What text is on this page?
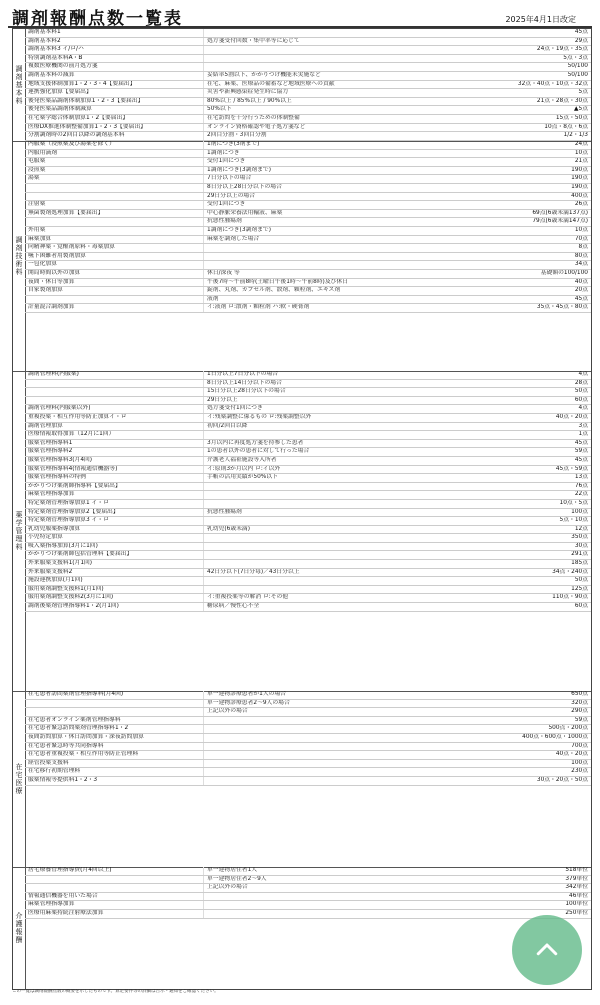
調剤報酬点数一覧表	2025年4月1日改定
調剤基本料
調剤基本料1	45点
調剤基本料2	処方箋受付回数・集中率等に応じて	29点
調剤基本料3 イ/ロ/ハ	24点・19点・35点
特別調剤基本料A・B	5点・3点
複数医療機関の前月処方箋	50/100
調剤基本料の減算	妥結率5割以下、かかりつけ機能未実施など	50/100
地域支援体制加算1・2・3・4【要届出】	在宅、麻薬、医療品の備蓄など地域医療への貢献	32点・40点・10点・32点
連携強化加算【要届出】	災害や新興感染症発生時に協力	5点
後発医薬品調剤体制加算1・2・3【要届出】	80%以上 / 85%以上 / 90%以上	21点・28点・30点
後発医薬品調剤体制減算	50%以下	▲5点
在宅薬学総合体制加算1・2【要届出】	在宅訪問を十分行うための体制整備	15点・50点
医療DX推進体制整備加算1・2・3【要届出】	オンライン資格確認や電子処方箋など	10点・8点・6点
分割調剤時の2回目以降の調剤基本料	2回目分割・3回目分割	1/2・1/3
調剤技術料
内服薬（浸煎薬及び湯薬を除く）	1剤につき(3剤まで)	24点
内服用滴剤	1調剤につき	10点
屯服薬	受付1回につき	21点
浸煎薬	1調剤につき(3調剤まで)	190点
湯薬	7日分以下の場合	190点
8日分以上28日分以下の場合	190点
29日分以上の場合	400点
注射薬	受付1回につき	26点
無菌製剤処理加算【要届出】	中心静脈栄養法用輸液、麻薬	69点(6歳未満137点)
抗悪性腫瘍剤	79点(6歳未満147点)
外用薬	1調剤につき(3調剤まで)	10点
麻薬加算	麻薬を調剤した場合	70点
向精神薬・覚醒剤原料・毒薬加算	8点
嚥下困難者用製剤加算	80点
一包化加算	34点
開局時間以外の加算	休日/深夜 等	基礎額の100/100
夜間・休日等加算	午後7時〜午前8時(土曜日午後1時〜午前8時)及び休日	40点
自家製剤加算	錠剤、丸剤、カプセル剤、散剤、顆粒剤、エキス剤	20点
液剤	45点
計量混合調剤加算	イ:液剤 ロ:散剤・顆粒剤 ハ:軟・硬膏剤	35点・45点・80点
薬学管理料
調剤管理料(内服薬)	1日分以上7日分以下の場合	4点
8日分以上14日分以下の場合	28点
15日分以上28日分以下の場合	50点
29日分以上	60点
調剤管理料(内服薬以外)	処方箋受付1回につき	4点
重複投薬・相互作用等防止加算イ・ロ	イ:残薬調整に係るもの ロ:残薬調整以外	40点・20点
調剤管理加算	初回/2回目以降	3点
医療情報取得加算（12月に1回）	1点
服薬管理指導料1	3月以内に再度処方箋を持参した患者	45点
服薬管理指導料2	1の患者以外の患者に対して行った場合	59点
服薬管理指導料3(月4回)	介護老人福祉施設等入所者	45点
服薬管理指導料4(情報通信機器等)	イ:原則3か月以内 ロ:イ以外	45点・59点
服薬管理指導料の特例	手帳の活用実績が50%以下	13点
かかりつけ薬剤師指導料【要届出】	76点
麻薬管理指導加算	22点
特定薬剤管理指導加算1 イ・ロ	10点・5点
特定薬剤管理指導加算2【要届出】	抗悪性腫瘍剤	100点
特定薬剤管理指導加算3 イ・ロ	5点・10点
乳幼児服薬指導加算	乳幼児(6歳未満)	12点
小児特定加算	350点
吸入薬指導加算(3月に1回)	30点
かかりつけ薬剤師包括管理料【要届出】	291点
外来服薬支援料1(月1回)	185点
外来服薬支援料2	42日分以下(7日分毎)／43日分以上	34点・240点
施設連携加算(月1回)	50点
服用薬剤調整支援料1(月1回)	125点
服用薬剤調整支援料2(3月に1回)	イ:重複投薬等の解消 ロ:その他	110点・90点
調剤後薬剤管理指導料1・2(月1回)	糖尿病／慢性心不全	60点
在宅医療
在宅患者訪問薬剤管理指導料(月4回)	単一建物診療患者が1人の場合	650点
単一建物診療患者2〜9人の場合	320点
上記以外の場合	290点
在宅患者オンライン薬剤管理指導料	59点
在宅患者緊急訪問薬剤管理指導料1・2	500点・200点
夜間訪問加算・休日訪問加算・深夜訪問加算	400点・600点・1000点
在宅患者緊急時等共同指導料	700点
在宅患者重複投薬・相互作用等防止管理料	40点・20点
経管投薬支援料	100点
在宅移行初期管理料	230点
服薬情報等提供料1・2・3	30点・20点・50点
介護報酬
居宅療養管理指導費(月4回以上)	単一建物居住者1人	518単位
単一建物居住者2〜9人	379単位
上記以外の場合	342単位
情報通信機器を用いた場合	46単位
麻薬管理指導加算	100単位
医療用麻薬持続注射療法加算	250単位
この一覧は調剤報酬点数の概要を示したものです。算定要件等の詳細は告示・通知をご確認ください。
